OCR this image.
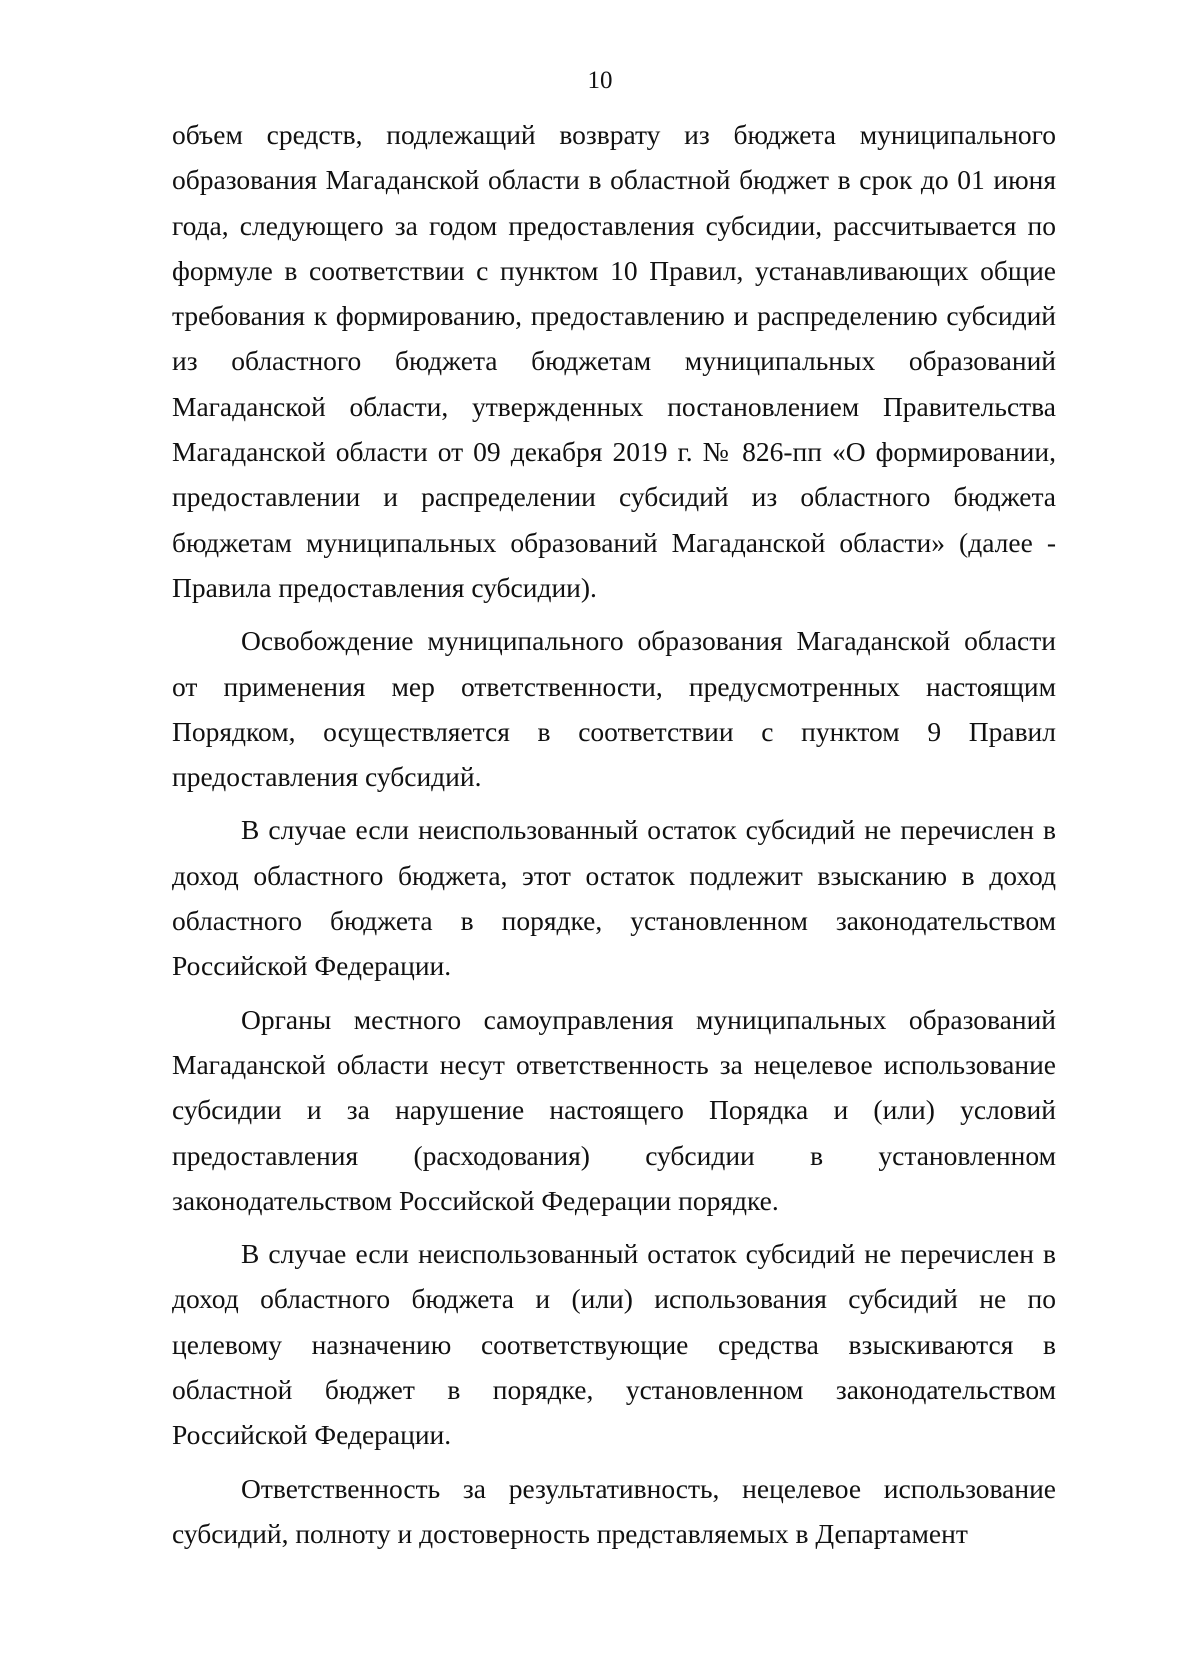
10

объем средств, подлежащий возврату из бюджета муниципального образования Магаданской области в областной бюджет в срок до 01 июня года, следующего за годом предоставления субсидии, рассчитывается по формуле в соответствии с пунктом 10 Правил, устанавливающих общие требования к формированию, предоставлению и распределению субсидий из областного бюджета бюджетам муниципальных образований Магаданской области, утвержденных постановлением Правительства Магаданской области от 09 декабря 2019 г. № 826-пп «О формировании, предоставлении и распределении субсидий из областного бюджета бюджетам муниципальных образований Магаданской области» (далее - Правила предоставления субсидии).

Освобождение муниципального образования Магаданской области от применения мер ответственности, предусмотренных настоящим Порядком, осуществляется в соответствии с пунктом 9 Правил предоставления субсидий.

В случае если неиспользованный остаток субсидий не перечислен в доход областного бюджета, этот остаток подлежит взысканию в доход областного бюджета в порядке, установленном законодательством Российской Федерации.

Органы местного самоуправления муниципальных образований Магаданской области несут ответственность за нецелевое использование субсидии и за нарушение настоящего Порядка и (или) условий предоставления (расходования) субсидии в установленном законодательством Российской Федерации порядке.

В случае если неиспользованный остаток субсидий не перечислен в доход областного бюджета и (или) использования субсидий не по целевому назначению соответствующие средства взыскиваются в областной бюджет в порядке, установленном законодательством Российской Федерации.

Ответственность за результативность, нецелевое использование субсидий, полноту и достоверность представляемых в Департамент
